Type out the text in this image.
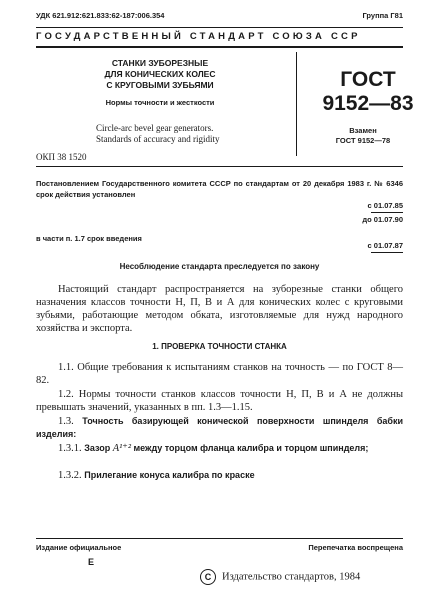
УДК 621.912:621.833:62-187:006.354	Группа Г81
ГОСУДАРСТВЕННЫЙ СТАНДАРТ СОЮЗА ССР
СТАНКИ ЗУБОРЕЗНЫЕ
ДЛЯ КОНИЧЕСКИХ КОЛЕС
С КРУГОВЫМИ ЗУБЬЯМИ
Нормы точности и жесткости
Circle-arc bevel gear generators.
Standards of accuracy and rigidity
ГОСТ
9152—83
Взамен
ГОСТ 9152—78
ОКП 38 1520
Постановлением Государственного комитета СССР по стандартам от 20 декабря 1983 г. № 6346 срок действия установлен
с 01.07.85
до 01.07.90
в части п. 1.7 срок введения
с 01.07.87
Несоблюдение стандарта преследуется по закону
Настоящий стандарт распространяется на зуборезные станки общего назначения классов точности Н, П, В и А для конических колес с круговыми зубьями, работающие методом обката, изготовляемые для нужд народного хозяйства и экспорта.
1. ПРОВЕРКА ТОЧНОСТИ СТАНКА
1.1. Общие требования к испытаниям станков на точность — по ГОСТ 8—82.
1.2. Нормы точности станков классов точности Н, П, В и А не должны превышать значений, указанных в пп. 1.3—1.15.
1.3. Точность базирующей конической поверхности шпинделя бабки изделия:
1.3.1. Зазор A¹⁺² между торцом фланца калибра и торцом шпинделя;
1.3.2. Прилегание конуса калибра по краске
Издание официальное	Перепечатка воспрещена
Е
С Издательство стандартов, 1984
